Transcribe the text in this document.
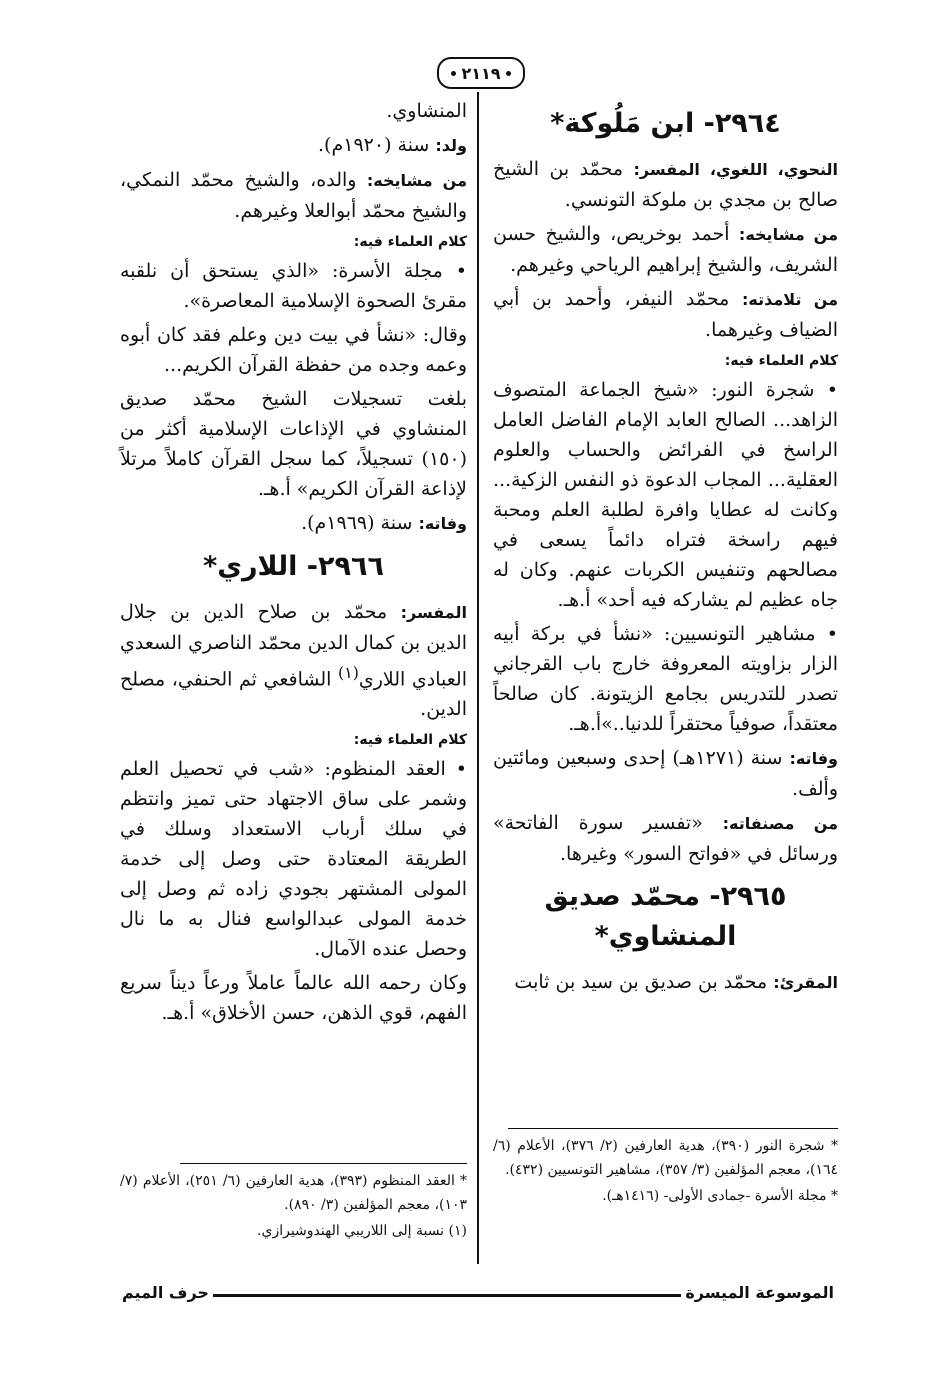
٢١١٩

٢٩٦٤- ابن مَلُوكة*

النحوي، اللغوي، المفسر: محمّد بن الشيخ صالح بن مجدي بن ملوكة التونسي.

من مشايخه: أحمد بوخريص، والشيخ حسن الشريف، والشيخ إبراهيم الرياحي وغيرهم.

من تلامذته: محمّد النيفر، وأحمد بن أبي الضياف وغيرهما.

كلام العلماء فيه:

• شجرة النور: «شيخ الجماعة المتصوف الزاهد... الصالح العابد الإمام الفاضل العامل الراسخ في الفرائض والحساب والعلوم العقلية... المجاب الدعوة ذو النفس الزكية... وكانت له عطايا وافرة لطلبة العلم ومحبة فيهم راسخة فتراه دائماً يسعى في مصالحهم وتنفيس الكربات عنهم. وكان له جاه عظيم لم يشاركه فيه أحد» أ.هـ.

• مشاهير التونسيين: «نشأ في بركة أبيه الزار بزاويته المعروفة خارج باب القرجاني تصدر للتدريس بجامع الزيتونة. كان صالحاً معتقداً، صوفياً محتقراً للدنيا..»أ.هـ.

وفاته: سنة (١٢٧١هـ) إحدى وسبعين ومائتين وألف.

من مصنفاته: «تفسير سورة الفاتحة» ورسائل في «فواتح السور» وغيرها.

٢٩٦٥- محمّد صديق المنشاوي*

المقرئ: محمّد بن صديق بن سيد بن ثابت

* شجرة النور (٣٩٠)، هدية العارفين (٢/ ٣٧٦)، الأعلام (٦/ ١٦٤)، معجم المؤلفين (٣/ ٣٥٧)، مشاهير التونسيين (٤٣٢).

* مجلة الأسرة -جمادى الأولى- (١٤١٦هـ).

المنشاوي.

ولد: سنة (١٩٢٠م).

من مشايخه: والده، والشيخ محمّد النمكي، والشيخ محمّد أبوالعلا وغيرهم.

كلام العلماء فيه:

• مجلة الأسرة: «الذي يستحق أن نلقبه مقرئ الصحوة الإسلامية المعاصرة».

وقال: «نشأ في بيت دين وعلم فقد كان أبوه وعمه وجده من حفظة القرآن الكريم...

بلغت تسجيلات الشيخ محمّد صديق المنشاوي في الإذاعات الإسلامية أكثر من (١٥٠) تسجيلاً، كما سجل القرآن كاملاً مرتلاً لإذاعة القرآن الكريم» أ.هـ.

وفاته: سنة (١٩٦٩م).

٢٩٦٦- اللاري*

المفسر: محمّد بن صلاح الدين بن جلال الدين بن كمال الدين محمّد الناصري السعدي العبادي اللاري$^{(١)}$ الشافعي ثم الحنفي، مصلح الدين.

كلام العلماء فيه:

• العقد المنظوم: «شب في تحصيل العلم وشمر على ساق الاجتهاد حتى تميز وانتظم في سلك أرباب الاستعداد وسلك في الطريقة المعتادة حتى وصل إلى خدمة المولى المشتهر بجودي زاده ثم وصل إلى خدمة المولى عبدالواسع فنال به ما نال وحصل عنده الآمال.

وكان رحمه الله عالماً عاملاً ورعاً ديناً سريع الفهم، قوي الذهن، حسن الأخلاق» أ.هـ.

* العقد المنظوم (٣٩٣)، هدية العارفين (٦/ ٢٥١)، الأعلام (٧/ ١٠٣)، معجم المؤلفين (٣/ ٨٩٠).

(١) نسبة إلى اللاريبي الهندوشيرازي.

الموسوعة الميسرة
حرف الميم
